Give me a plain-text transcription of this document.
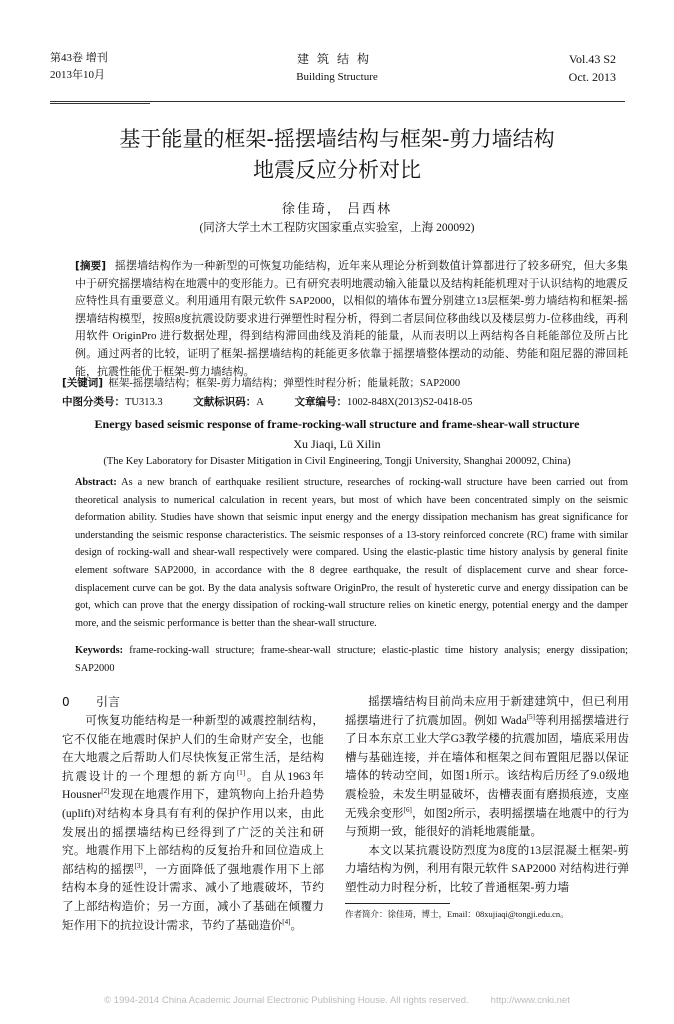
第43卷 增刊
2013年10月
建筑结构
Building Structure
Vol.43 S2
Oct. 2013
基于能量的框架-摇摆墙结构与框架-剪力墙结构
地震反应分析对比
徐佳琦， 吕西林
(同济大学土木工程防灾国家重点实验室，上海 200092)
[摘要] 摇摆墙结构作为一种新型的可恢复功能结构，近年来从理论分析到数值计算都进行了较多研究，但大多集中于研究摇摆墙结构在地震中的变形能力。已有研究表明地震动输入能量以及结构耗能机理对于认识结构的地震反应特性具有重要意义。利用通用有限元软件 SAP2000，以相似的墙体布置分别建立13层框架-剪力墙结构和框架-摇摆墙结构模型，按照8度抗震设防要求进行弹塑性时程分析，得到二者层间位移曲线以及楼层剪力-位移曲线，再利用软件 OriginPro 进行数据处理，得到结构滞回曲线及消耗的能量，从而表明以上两结构各自耗能部位及所占比例。通过两者的比较，证明了框架-摇摆墙结构的耗能更多依靠于摇摆墙整体摆动的动能、势能和阻尼器的滞回耗能，抗震性能优于框架-剪力墙结构。
[关键词] 框架-摇摆墙结构；框架-剪力墙结构；弹塑性时程分析；能量耗散；SAP2000
中图分类号：TU313.3	文献标识码：A	文章编号：1002-848X(2013)S2-0418-05
Energy based seismic response of frame-rocking-wall structure and frame-shear-wall structure
Xu Jiaqi, Lü Xilin
(The Key Laboratory for Disaster Mitigation in Civil Engineering, Tongji University, Shanghai 200092, China)
Abstract: As a new branch of earthquake resilient structure, researches of rocking-wall structure have been carried out from theoretical analysis to numerical calculation in recent years, but most of which have been concentrated simply on the seismic deformation ability. Studies have shown that seismic input energy and the energy dissipation mechanism has great significance for understanding the seismic response characteristics. The seismic responses of a 13-story reinforced concrete (RC) frame with similar design of rocking-wall and shear-wall respectively were compared. Using the elastic-plastic time history analysis by general finite element software SAP2000, in accordance with the 8 degree earthquake, the result of displacement curve and shear force-displacement curve can be got. By the data analysis software OriginPro, the result of hysteretic curve and energy dissipation can be got, which can prove that the energy dissipation of rocking-wall structure relies on kinetic energy, potential energy and the damper more, and the seismic performance is better than the shear-wall structure.
Keywords: frame-rocking-wall structure; frame-shear-wall structure; elastic-plastic time history analysis; energy dissipation; SAP2000
0 引言

可恢复功能结构是一种新型的减震控制结构，它不仅能在地震时保护人们的生命财产安全，也能在大地震之后帮助人们尽快恢复正常生活，是结构抗震设计的一个理想的新方向[1]。自从1963年 Housner[2]发现在地震作用下，建筑物向上抬升趋势(uplift)对结构本身具有有利的保护作用以来，由此发展出的摇摆墙结构已经得到了广泛的关注和研究。地震作用下上部结构的反复抬升和回位造成上部结构的摇摆[3]，一方面降低了强地震作用下上部结构本身的延性设计需求、减小了地震破坏，节约了上部结构造价；另一方面，减小了基础在倾覆力矩作用下的抗拉设计需求，节约了基础造价[4]。

摇摆墙结构目前尚未应用于新建建筑中，但已利用摇摆墙进行了抗震加固。例如 Wada[5]等利用摇摆墙进行了日本东京工业大学G3教学楼的抗震加固，墙底采用齿槽与基础连接，并在墙体和框架之间布置阻尼器以保证墙体的转动空间，如图1所示。该结构后历经了9.0级地震检验，未发生明显破坏，齿槽表面有磨损痕迹，支座无残余变形[6]，如图2所示，表明摇摆墙在地震中的行为与预期一致，能很好的消耗地震能量。

本文以某抗震设防烈度为8度的13层混凝土框架-剪力墙结构为例，利用有限元软件 SAP2000 对结构进行弹塑性动力时程分析，比较了普通框架-剪力墙

作者简介：徐佳琦，博士，Email：08xujiaqi@tongji.edu.cn。
© 1994-2014 China Academic Journal Electronic Publishing House. All rights reserved. http://www.cnki.net
